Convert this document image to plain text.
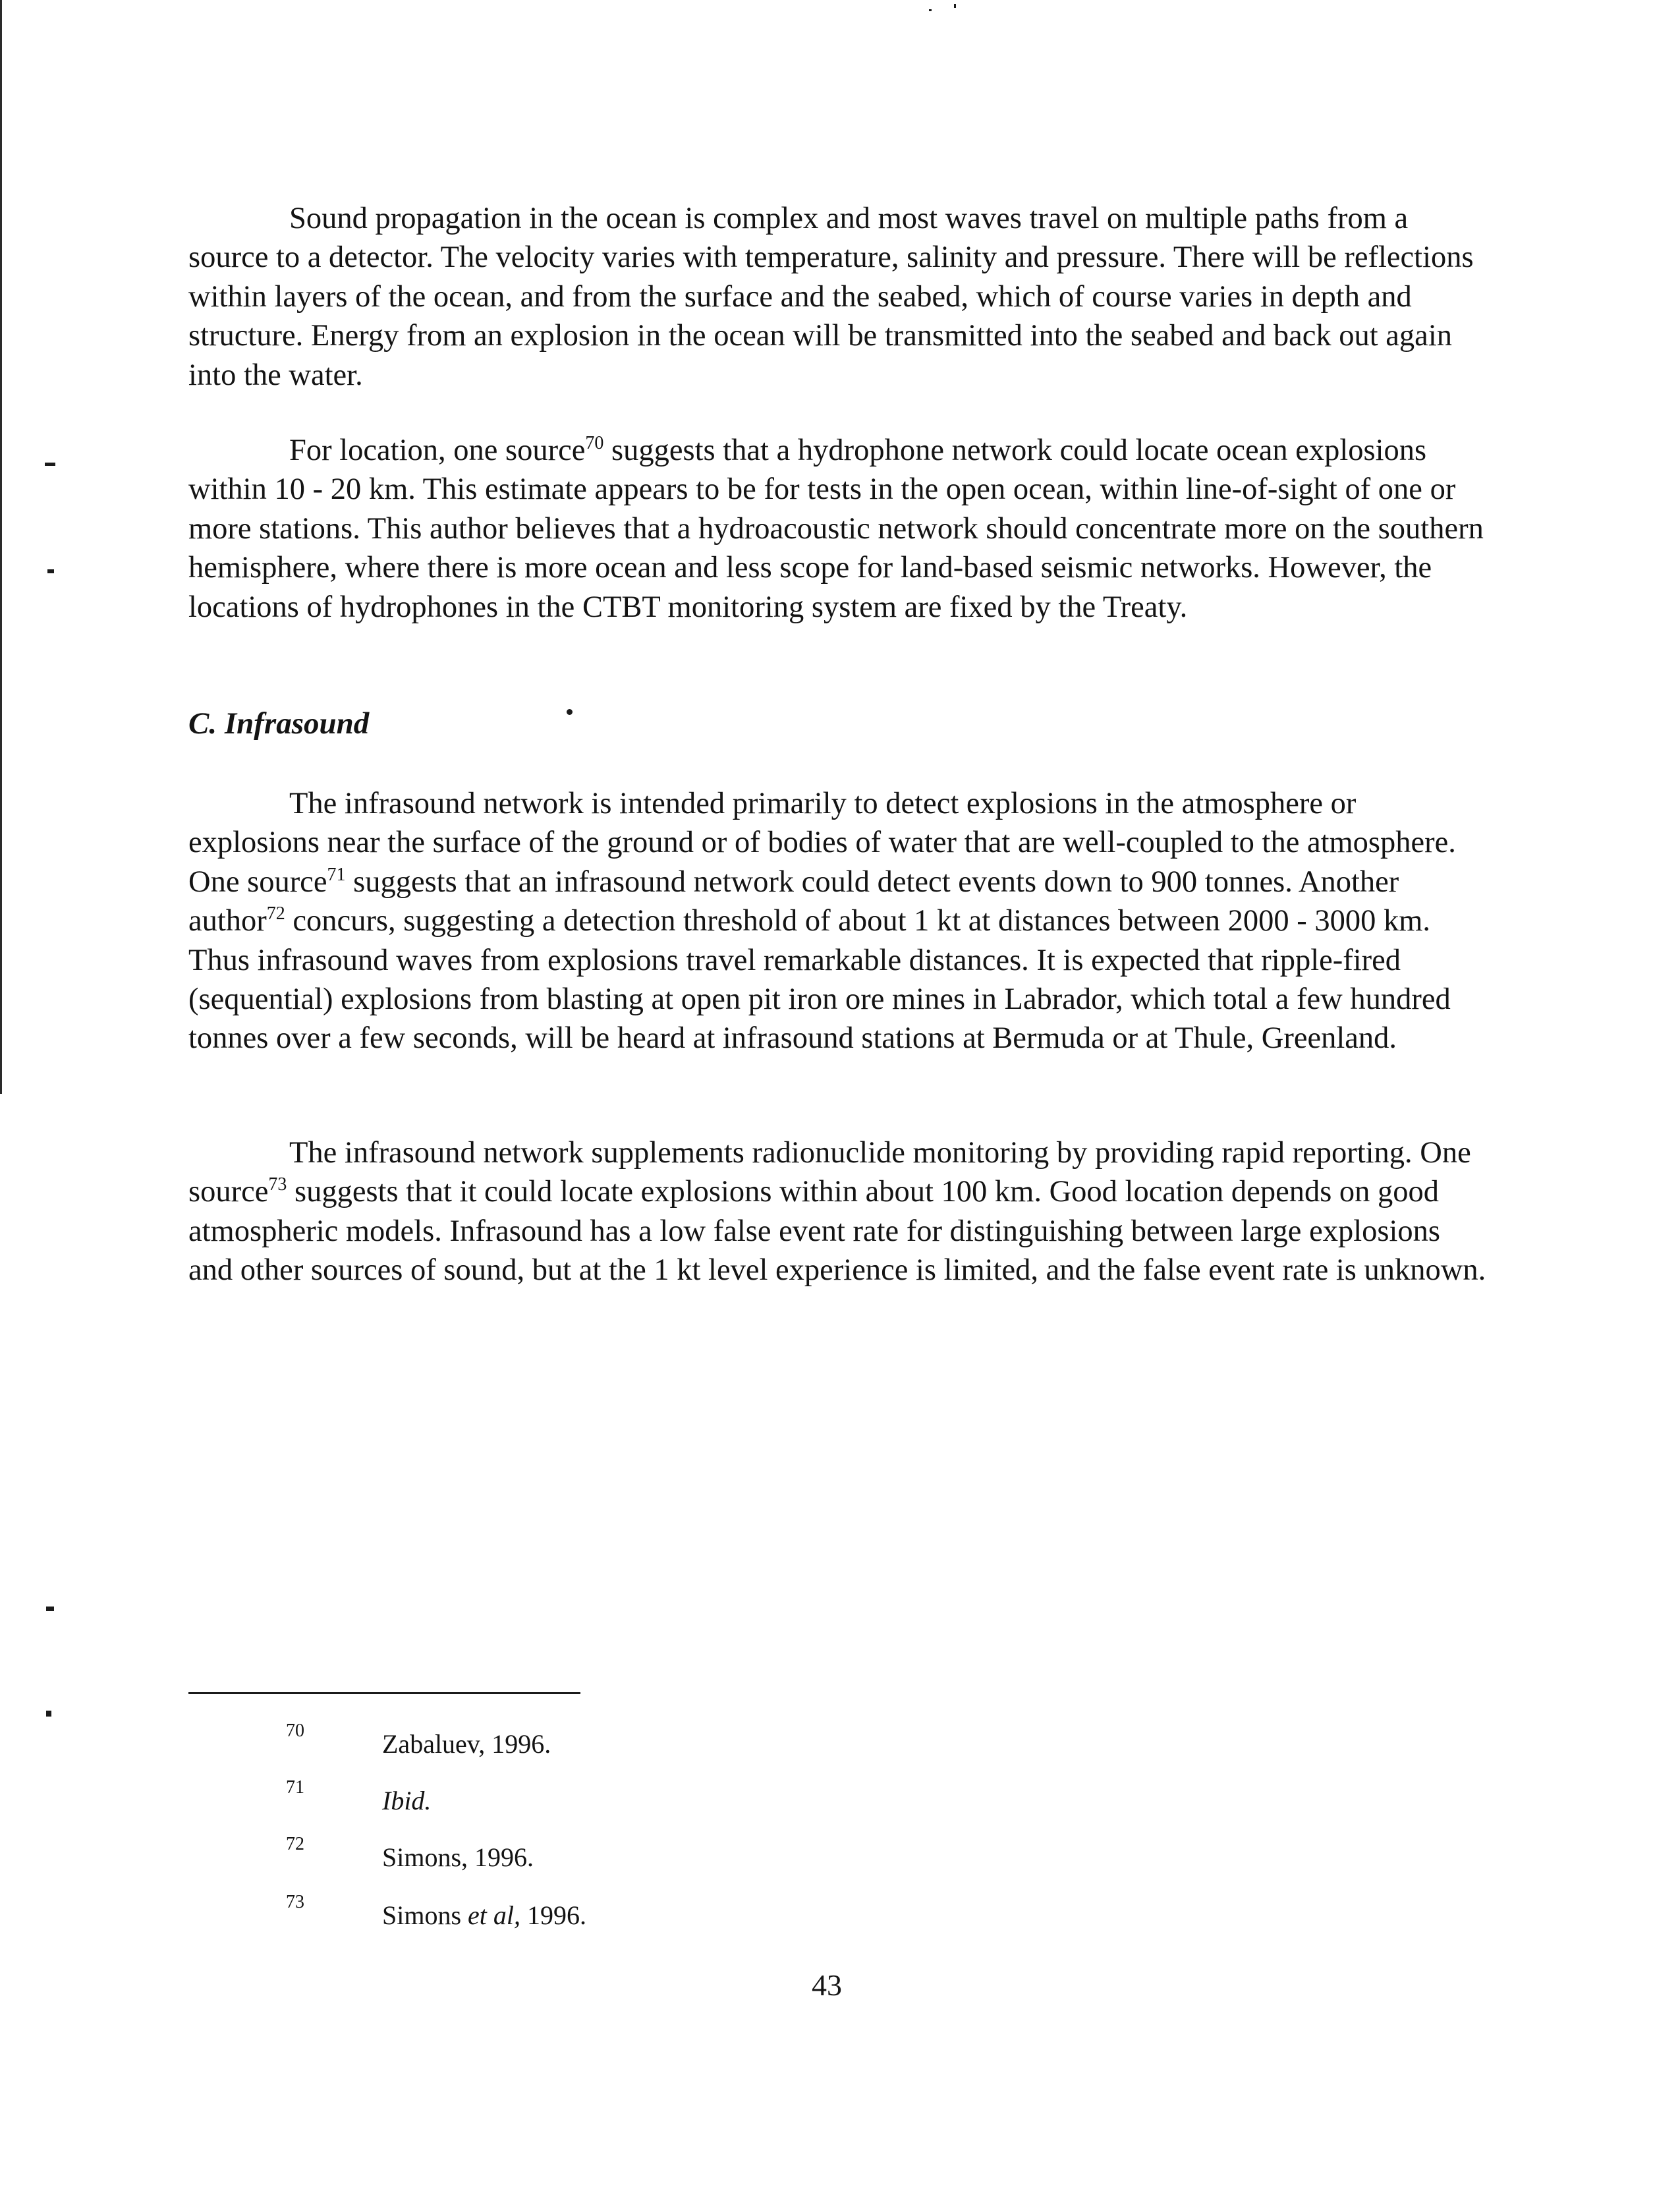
Sound propagation in the ocean is complex and most waves travel on multiple paths from a source to a detector. The velocity varies with temperature, salinity and pressure. There will be reflections within layers of the ocean, and from the surface and the seabed, which of course varies in depth and structure. Energy from an explosion in the ocean will be transmitted into the seabed and back out again into the water.

For location, one source$^{70}$ suggests that a hydrophone network could locate ocean explosions within 10 - 20 km. This estimate appears to be for tests in the open ocean, within line-of-sight of one or more stations. This author believes that a hydroacoustic network should concentrate more on the southern hemisphere, where there is more ocean and less scope for land-based seismic networks. However, the locations of hydrophones in the CTBT monitoring system are fixed by the Treaty.

C. Infrasound

The infrasound network is intended primarily to detect explosions in the atmosphere or explosions near the surface of the ground or of bodies of water that are well-coupled to the atmosphere. One source$^{71}$ suggests that an infrasound network could detect events down to 900 tonnes. Another author$^{72}$ concurs, suggesting a detection threshold of about 1 kt at distances between 2000 - 3000 km. Thus infrasound waves from explosions travel remarkable distances. It is expected that ripple-fired (sequential) explosions from blasting at open pit iron ore mines in Labrador, which total a few hundred tonnes over a few seconds, will be heard at infrasound stations at Bermuda or at Thule, Greenland.

The infrasound network supplements radionuclide monitoring by providing rapid reporting. One source$^{73}$ suggests that it could locate explosions within about 100 km. Good location depends on good atmospheric models. Infrasound has a low false event rate for distinguishing between large explosions and other sources of sound, but at the 1 kt level experience is limited, and the false event rate is unknown.

70	Zabaluev, 1996.
71	Ibid.
72	Simons, 1996.
73	Simons et al, 1996.
43
